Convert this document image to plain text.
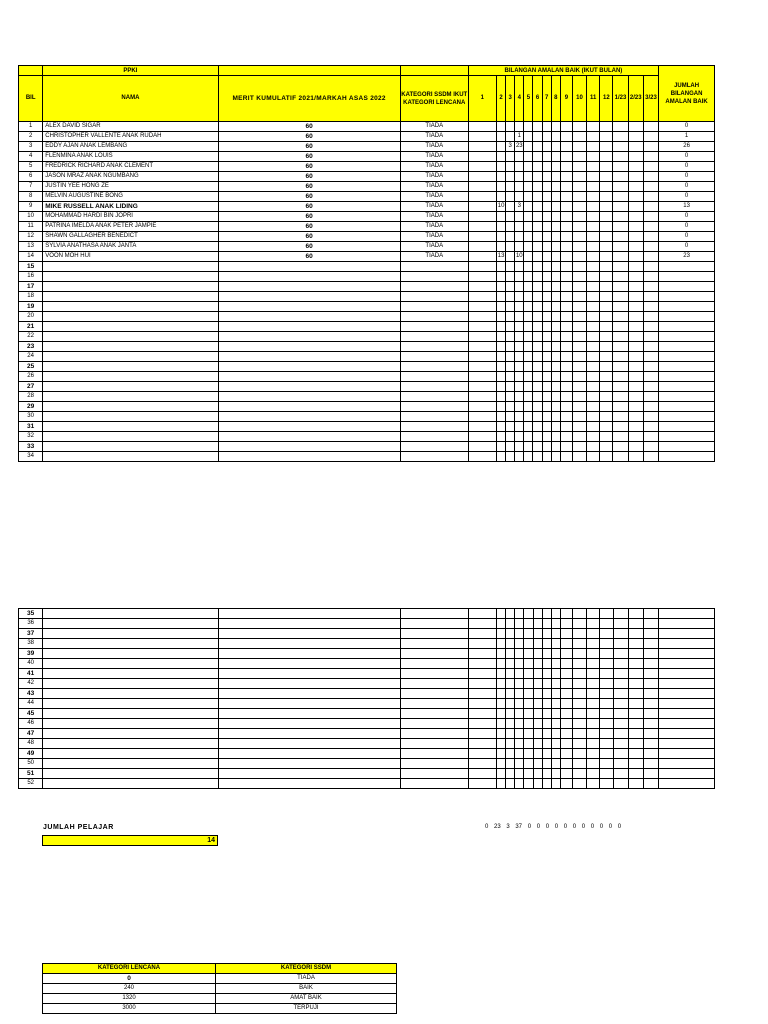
	PPKI			BILANGAN AMALAN BAIK (IKUT BULAN)															JUMLAH BILANGAN AMALAN BAIK
BIL	NAMA	MERIT KUMULATIF 2021/MARKAH ASAS 2022	KATEGORI SSDM IKUT KATEGORI LENCANA	1	2	3	4	5	6	7	8	9	10	11	12	1/23	2/23	3/23	
1	ALEX DAVID SIGAR	60	TIADA																0
2	CHRISTOPHER VALLENTE ANAK RUDAH	60	TIADA				1												1
3	EDDY AJAN ANAK LEMBANG	60	TIADA			3	23												26
4	FLENMINA ANAK LOUIS	60	TIADA																0
5	FREDRICK RICHARD ANAK CLEMENT	60	TIADA																0
6	JASON MRAZ ANAK NGUMBANG	60	TIADA																0
7	JUSTIN YEE HONG ZE	60	TIADA																0
8	MELVIN AUGUSTINE BONG	60	TIADA																0
9	MIKE RUSSELL ANAK LIDING	60	TIADA		10		3												13
10	MOHAMMAD HARDI BIN JOPRI	60	TIADA																0
11	PATRINA IMELDA ANAK PETER JAMPIE	60	TIADA																0
12	SHAWN GALLAGHER BENEDICT	60	TIADA																0
13	SYLVIA ANATHASA ANAK JANTA	60	TIADA																0
14	VOON MOH HUI	60	TIADA		13		10												23
15																			
16																			
17																			
18																			
19																			
20																			
21																			
22																			
23																			
24																			
25																			
26																			
27																			
28																			
29																			
30																			
31																			
32																			
33																			
34																			
35																			
36																			
37																			
38																			
39																			
40																			
41																			
42																			
43																			
44																			
45																			
46																			
47																			
48																			
49																			
50																			
51																			
52																			
JUMLAH PELAJAR
14
0 23 3 37 0 0 0 0 0 0 0 0 0 0 0
KATEGORI LENCANA	KATEGORI SSDM
0	TIADA
240	BAIK
1320	AMAT BAIK
3000	TERPUJI
